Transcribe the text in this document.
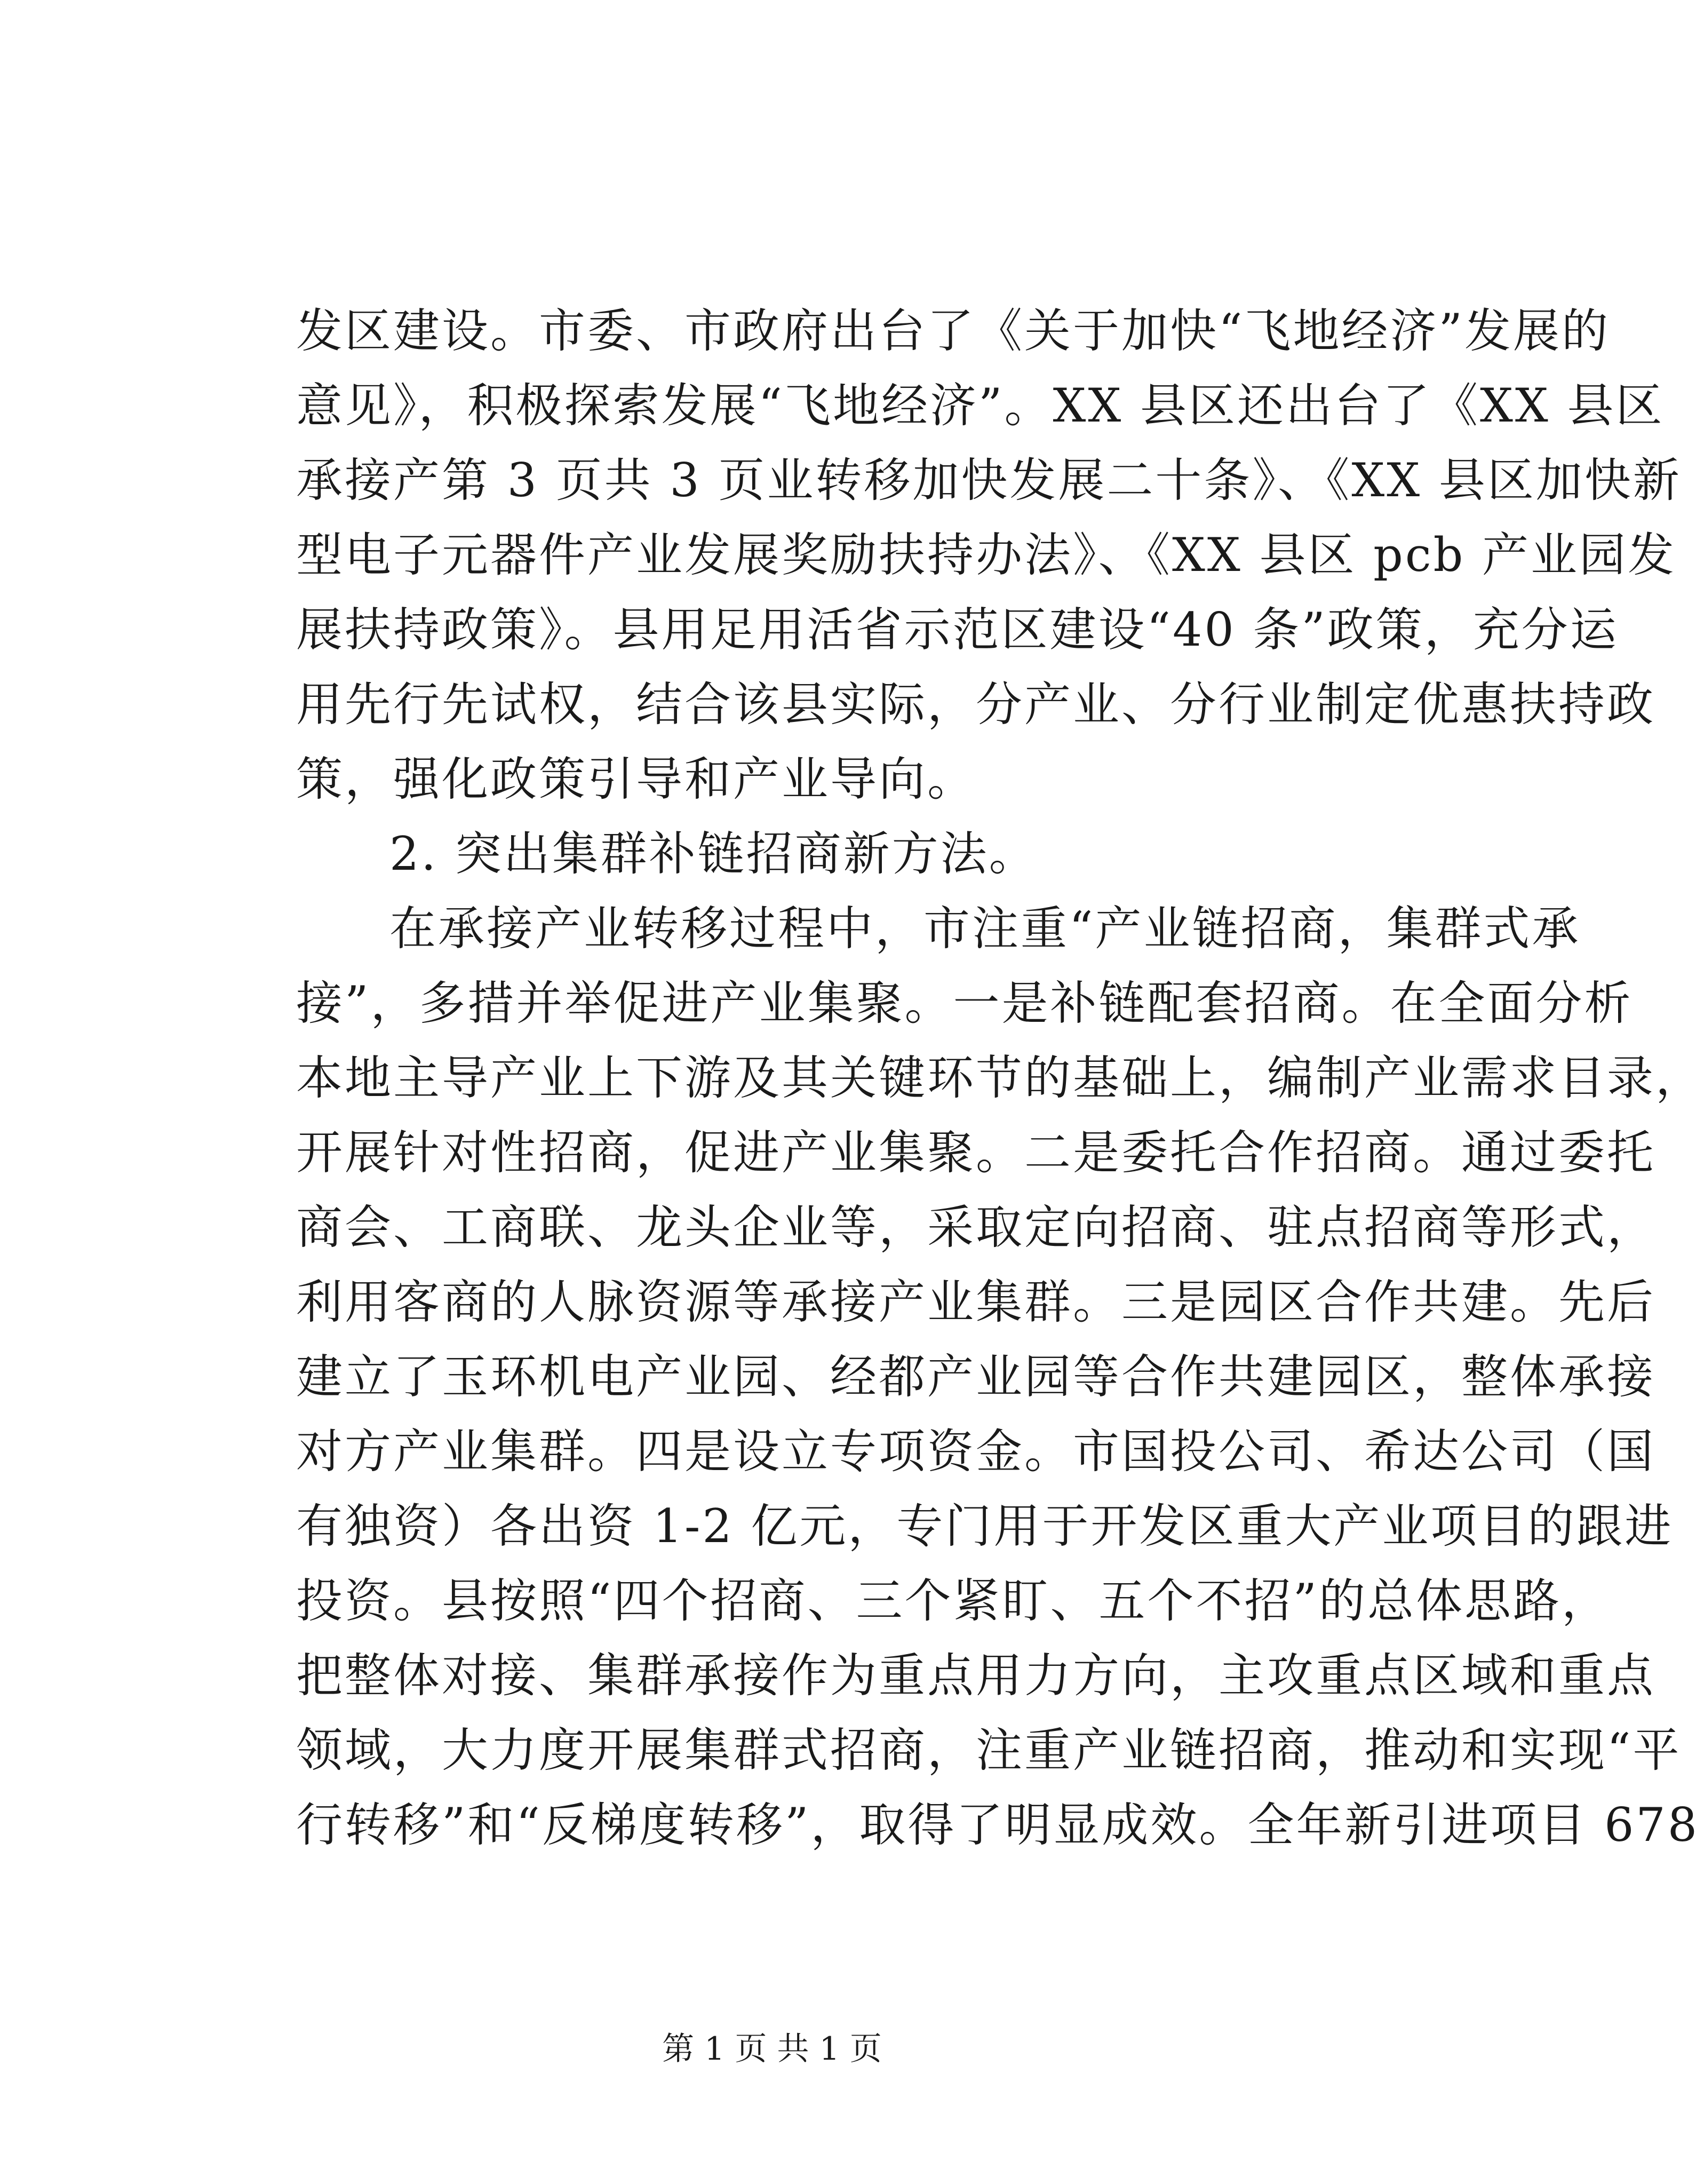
发区建设。市委、市政府出台了《关于加快“飞地经济”发展的
意见》，积极探索发展“飞地经济”。XX 县区还出台了《XX 县区
承接产第 3 页共 3 页业转移加快发展二十条》、《XX 县区加快新
型电子元器件产业发展奖励扶持办法》、《XX 县区 pcb 产业园发
展扶持政策》。县用足用活省示范区建设“40 条”政策，充分运
用先行先试权，结合该县实际，分产业、分行业制定优惠扶持政
策，强化政策引导和产业导向。
2. 突出集群补链招商新方法。
在承接产业转移过程中，市注重“产业链招商，集群式承
接”，多措并举促进产业集聚。一是补链配套招商。在全面分析
本地主导产业上下游及其关键环节的基础上，编制产业需求目录，
开展针对性招商，促进产业集聚。二是委托合作招商。通过委托
商会、工商联、龙头企业等，采取定向招商、驻点招商等形式，
利用客商的人脉资源等承接产业集群。三是园区合作共建。先后
建立了玉环机电产业园、经都产业园等合作共建园区，整体承接
对方产业集群。四是设立专项资金。市国投公司、希达公司（国
有独资）各出资 1-2 亿元，专门用于开发区重大产业项目的跟进
投资。县按照“四个招商、三个紧盯、五个不招”的总体思路，
把整体对接、集群承接作为重点用力方向，主攻重点区域和重点
领域，大力度开展集群式招商，注重产业链招商，推动和实现“平
行转移”和“反梯度转移”，取得了明显成效。全年新引进项目 678
第 1 页 共 1 页
